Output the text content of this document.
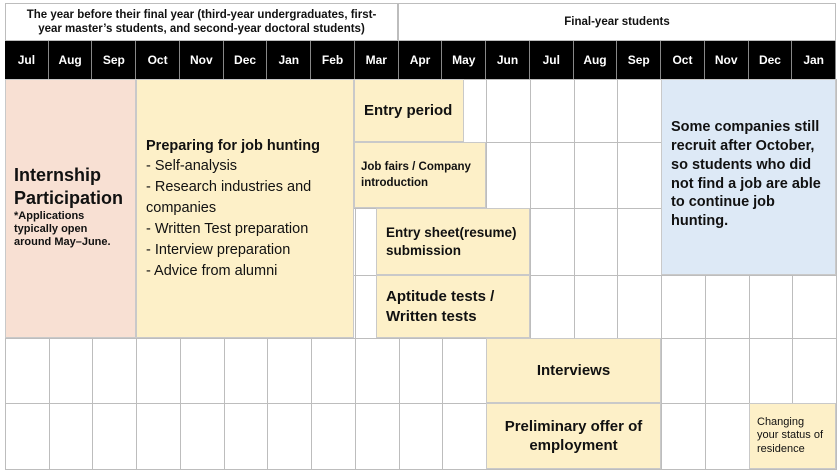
The year before their final year (third-year undergraduates, first-year master’s students, and second-year doctoral students)
Final-year students
Jul	Aug	Sep	Oct	Nov	Dec	Jan	Feb	Mar	Apr	May	Jun	Jul	Aug	Sep	Oct	Nov	Dec	Jan
Internship Participation
*Applications typically open around May–June.
Preparing for job hunting
- Self-analysis
- Research industries and companies
- Written Test preparation
- Interview preparation
- Advice from alumni
Entry period
Job fairs / Company introduction
Entry sheet(resume) submission
Aptitude tests / Written tests
Interviews
Preliminary offer of employment
Some companies still recruit after October, so students who did not find a job are able to continue job hunting.
Changing your status of residence
